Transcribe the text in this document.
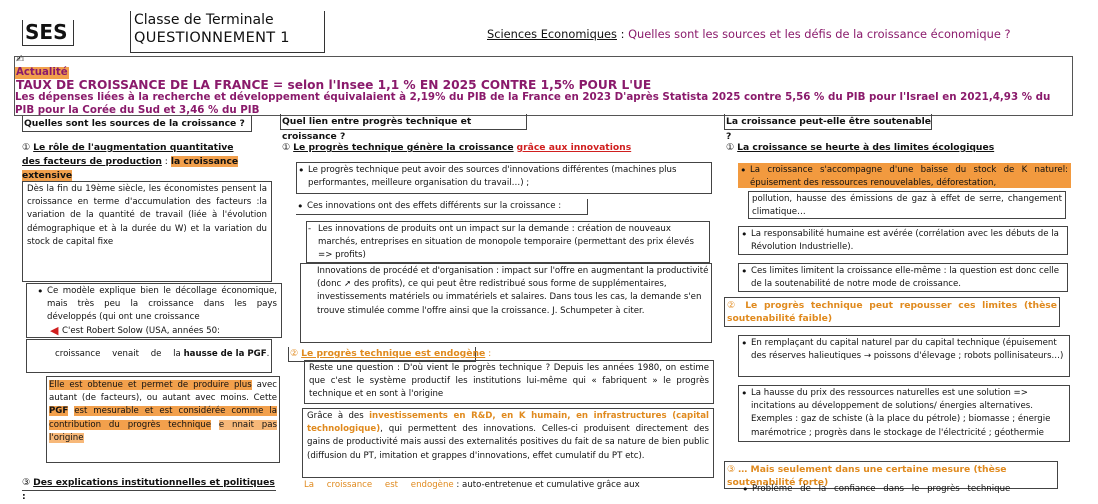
SES	Classe de Terminale
QUESTIONNEMENT 1	Sciences Economiques : Quelles sont les sources et les défis de la croissance économique ?
✍
Actualité
TAUX DE CROISSANCE DE LA FRANCE = selon l'Insee 1,1 % EN 2025 CONTRE 1,5% POUR L'UE
Les dépenses liées à la recherche et développement équivalaient à 2,19% du PIB de la France en 2023 D'après Statista 2025 contre 5,56 % du PIB pour l'Israel en 2021,4,93 % du PIB pour la Corée du Sud et 3,46 % du PIB
Quelles sont les sources de la croissance ?
① Le rôle de l'augmentation quantitative des facteurs de production : la croissance extensive
Dès la fin du 19ème siècle, les économistes pensent la croissance en terme d'accumulation des facteurs :la variation de la quantité de travail (liée à l'évolution démographique et à la durée du W) et la variation du stock de capital fixe
• Ce modèle explique bien le décollage économique, mais très peu la croissance dans les pays développés (qui ont une croissance
◀ C'est Robert Solow (USA, années 50:
croissance venait de la hausse de la PGF.
Elle est obtenue et permet de produire plus avec autant (de facteurs), ou autant avec moins. Cette PGF est mesurable et est considérée comme la contribution du progrès technique e nnait pas l'origine
③ Des explications institutionnelles et politiques :
Quel lien entre progrès technique et croissance ?
① Le progrès technique génère la croissance grâce aux innovations
• Le progrès technique peut avoir des sources d'innovations différentes (machines plus performantes, meilleure organisation du travail…) ;
• Ces innovations ont des effets différents sur la croissance :
- Les innovations de produits ont un impact sur la demande : création de nouveaux marchés, entreprises en situation de monopole temporaire (permettant des prix élevés => profits)
Innovations de procédé et d'organisation : impact sur l'offre en augmentant la productivité (donc ➚ des profits), ce qui peut être redistribué sous forme de supplémentaires, investissements matériels ou immatériels et salaires. Dans tous les cas, la demande s'en trouve stimulée comme l'offre ainsi que la croissance. J. Schumpeter à citer.
② Le progrès technique est endogène :
Reste une question : D'où vient le progrès technique ? Depuis les années 1980, on estime que c'est le système productif les institutions lui-même qui « fabriquent » le progrès technique et en sont à l'origine
Grâce à des investissements en R&D, en K humain, en infrastructures (capital technologique), qui permettent des innovations. Celles-ci produisent directement des gains de productivité mais aussi des externalités positives du fait de sa nature de bien public (diffusion du PT, imitation et grappes d'innovations, effet cumulatif du PT etc).
La croissance est endogène : auto-entretenue et cumulative grâce aux
La croissance peut-elle être soutenable ?
① La croissance se heurte à des limites écologiques
• La croissance s'accompagne d'une baisse du stock de K naturel: épuisement des ressources renouvelables, déforestation,
pollution, hausse des émissions de gaz à effet de serre, changement climatique…
• La responsabilité humaine est avérée (corrélation avec les débuts de la Révolution Industrielle).
• Ces limites limitent la croissance elle-même : la question est donc celle de la soutenabilité de notre mode de croissance.
② Le progrès technique peut repousser ces limites (thèse soutenabilité faible)
• En remplaçant du capital naturel par du capital technique (épuisement des réserves halieutiques → poissons d'élevage ; robots pollinisateurs…)
• La hausse du prix des ressources naturelles est une solution => incitations au développement de solutions/ énergies alternatives. Exemples : gaz de schiste (à la place du pétrole) ; biomasse ; énergie marémotrice ; progrès dans le stockage de l'électricité ; géothermie
③ … Mais seulement dans une certaine mesure (thèse soutenabilité forte)
• Problème de la confiance dans le progrès technique
